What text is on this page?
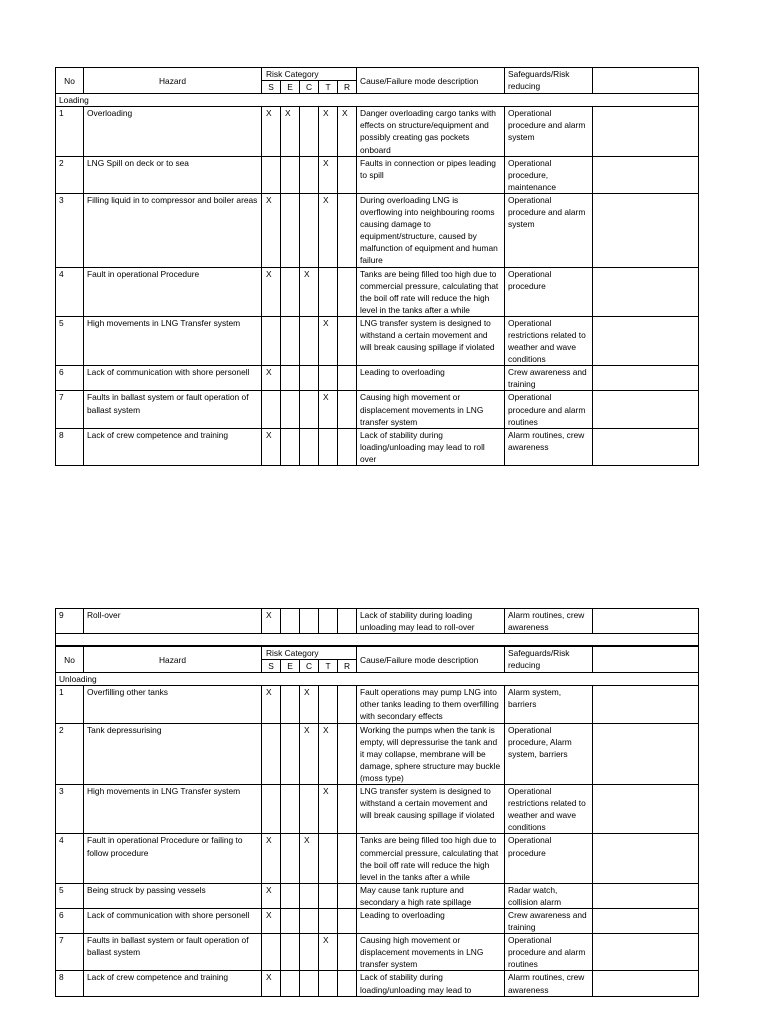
No	Hazard	Risk Category					Cause/Failure mode description	Safeguards/Risk reducing	
		S	E	C	T	R			
Loading									
1	Overloading	X	X		X	X	Danger overloading cargo tanks with effects on structure/equipment and possibly creating gas pockets onboard	Operational procedure and alarm system	
2	LNG Spill on deck or to sea				X		Faults in connection or pipes leading to spill	Operational procedure, maintenance	
3	Filling liquid in to compressor and boiler areas	X			X		During overloading LNG is overflowing into neighbouring rooms causing damage to equipment/structure, caused by malfunction of equipment and human failure	Operational procedure and alarm system	
4	Fault in operational Procedure	X		X			Tanks are being filled too high due to commercial pressure, calculating that the boil off rate will reduce the high level in the tanks after a while	Operational procedure	
5	High movements in LNG Transfer system				X		LNG transfer system is designed to withstand a certain movement and will break causing spillage if violated	Operational restrictions related to weather and wave conditions	
6	Lack of communication with shore personell	X					Leading to overloading	Crew awareness and training	
7	Faults in ballast system or fault operation of ballast system				X		Causing high movement or displacement movements in LNG transfer system	Operational procedure and alarm routines	
8	Lack of crew competence and training	X					Lack of stability during loading/unloading may lead to roll over	Alarm routines, crew awareness	
9	Roll-over	X					Lack of stability during loading unloading may lead to roll-over	Alarm routines, crew awareness	

No	Hazard	Risk Category					Cause/Failure mode description	Safeguards/Risk reducing	
		S	E	C	T	R			
Unloading									
1	Overfilling other tanks	X		X			Fault operations may pump LNG into other tanks leading to them overfilling with secondary effects	Alarm system, barriers	
2	Tank depressurising			X	X		Working the pumps when the tank is empty, will depressurise the tank and it may collapse, membrane will be damage, sphere structure may buckle (moss type)	Operational procedure, Alarm system, barriers	
3	High movements in LNG Transfer system				X		LNG transfer system is designed to withstand a certain movement and will break causing spillage if violated	Operational restrictions related to weather and wave conditions	
4	Fault in operational Procedure or failing to follow procedure	X		X			Tanks are being filled too high due to commercial pressure, calculating that the boil off rate will reduce the high level in the tanks after a while	Operational procedure	
5	Being struck by passing vessels	X					May cause tank rupture and secondary a high rate spillage	Radar watch, collision alarm	
6	Lack of communication with shore personell	X					Leading to overloading	Crew awareness and training	
7	Faults in ballast system or fault operation of ballast system				X		Causing high movement or displacement movements in LNG transfer system	Operational procedure and alarm routines	
8	Lack of crew competence and training	X					Lack of stability during loading/unloading may lead to	Alarm routines, crew awareness	
